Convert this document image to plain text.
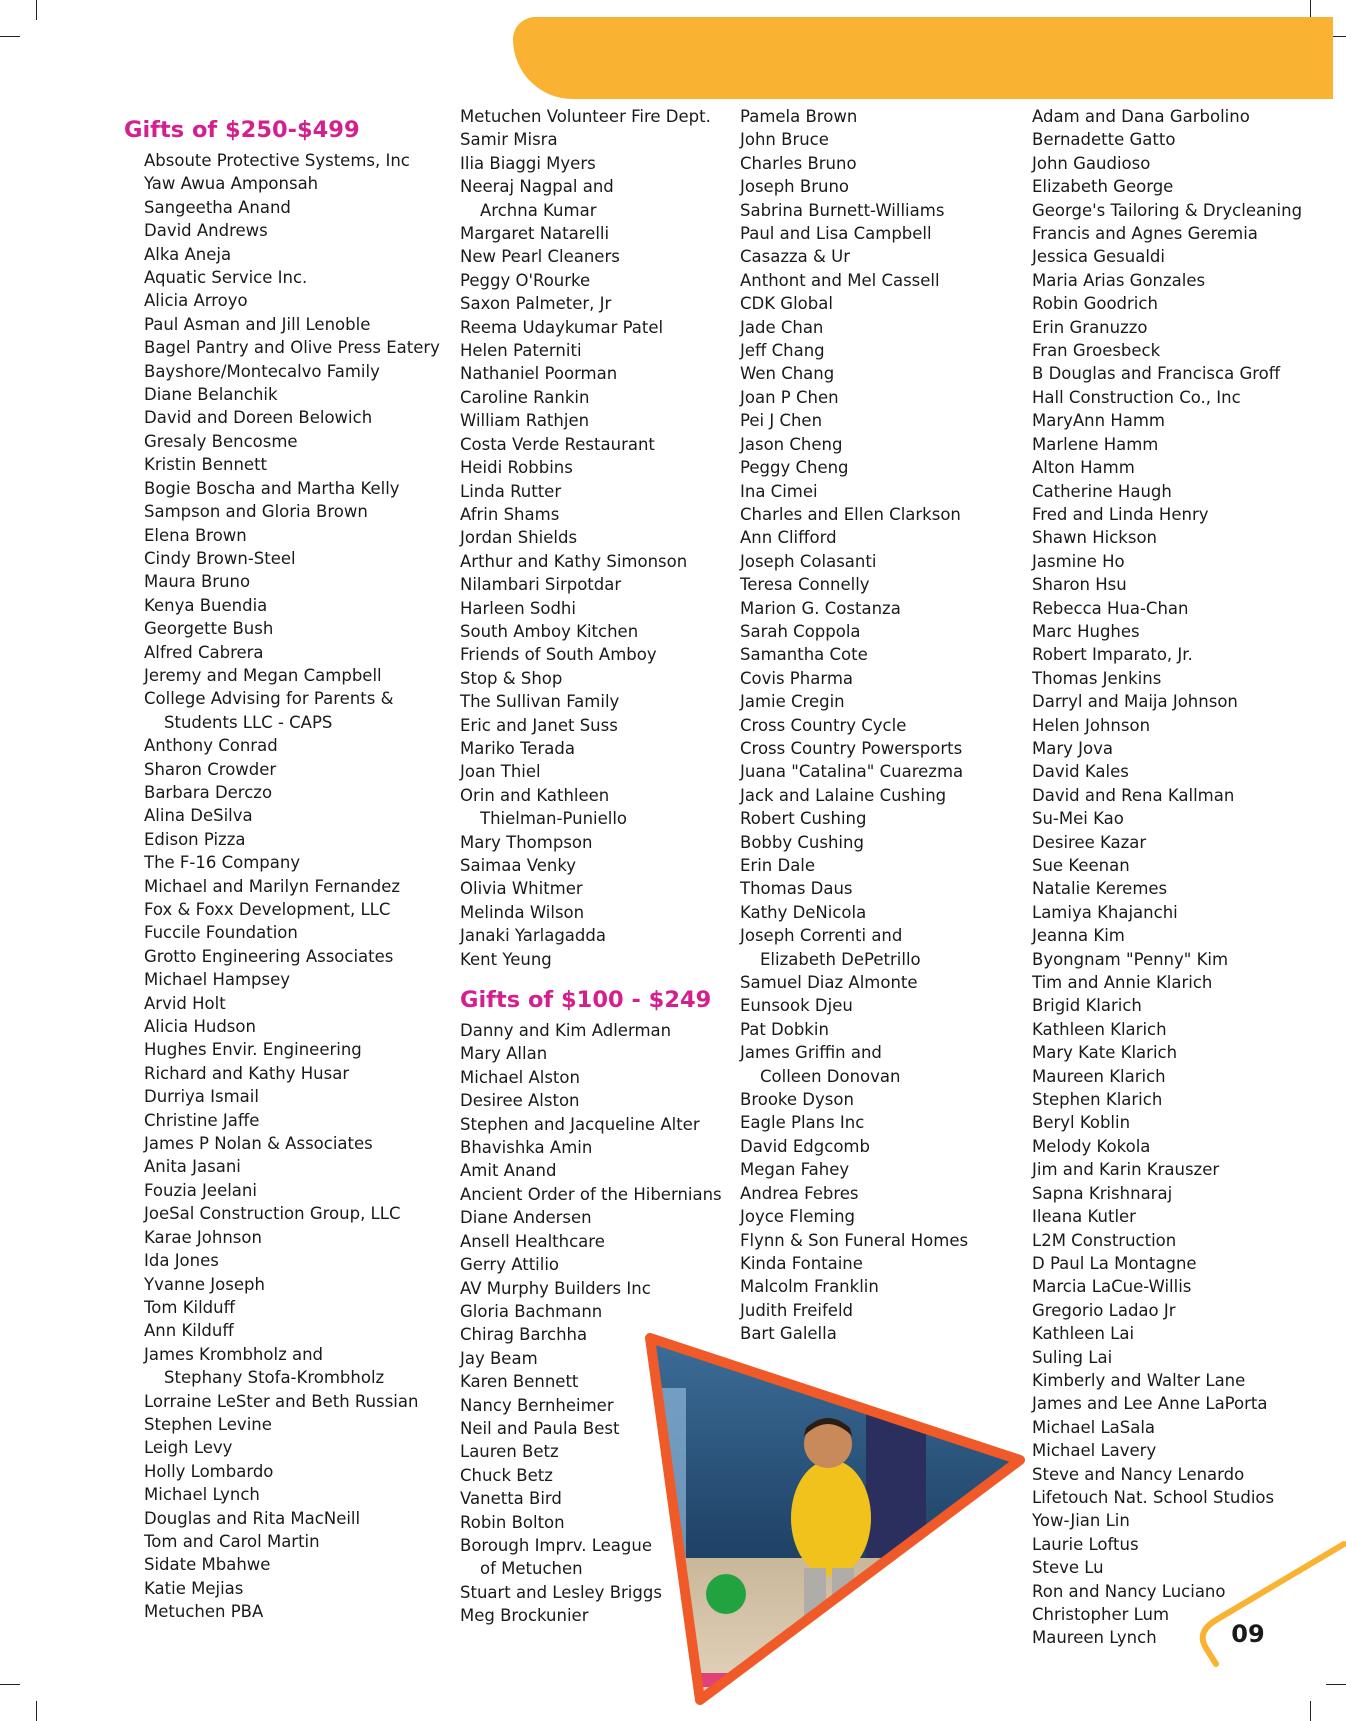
Gifts of $250-$499
Absoute Protective Systems, Inc
Yaw Awua Amponsah
Sangeetha Anand
David Andrews
Alka Aneja
Aquatic Service Inc.
Alicia Arroyo
Paul Asman and Jill Lenoble
Bagel Pantry and Olive Press Eatery
Bayshore/Montecalvo Family
Diane Belanchik
David and Doreen Belowich
Gresaly Bencosme
Kristin Bennett
Bogie Boscha and Martha Kelly
Sampson and Gloria Brown
Elena Brown
Cindy Brown-Steel
Maura Bruno
Kenya Buendia
Georgette Bush
Alfred Cabrera
Jeremy and Megan Campbell
College Advising for Parents &
Students LLC - CAPS
Anthony Conrad
Sharon Crowder
Barbara Derczo
Alina DeSilva
Edison Pizza
The F-16 Company
Michael and Marilyn Fernandez
Fox & Foxx Development, LLC
Fuccile Foundation
Grotto Engineering Associates
Michael Hampsey
Arvid Holt
Alicia Hudson
Hughes Envir. Engineering
Richard and Kathy Husar
Durriya Ismail
Christine Jaffe
James P Nolan & Associates
Anita Jasani
Fouzia Jeelani
JoeSal Construction Group, LLC
Karae Johnson
Ida Jones
Yvanne Joseph
Tom Kilduff
Ann Kilduff
James Krombholz and
Stephany Stofa-Krombholz
Lorraine LeSter and Beth Russian
Stephen Levine
Leigh Levy
Holly Lombardo
Michael Lynch
Douglas and Rita MacNeill
Tom and Carol Martin
Sidate Mbahwe
Katie Mejias
Metuchen PBA
Metuchen Volunteer Fire Dept.
Samir Misra
Ilia Biaggi Myers
Neeraj Nagpal and
Archna Kumar
Margaret Natarelli
New Pearl Cleaners
Peggy O'Rourke
Saxon Palmeter, Jr
Reema Udaykumar Patel
Helen Paterniti
Nathaniel Poorman
Caroline Rankin
William Rathjen
Costa Verde Restaurant
Heidi Robbins
Linda Rutter
Afrin Shams
Jordan Shields
Arthur and Kathy Simonson
Nilambari Sirpotdar
Harleen Sodhi
South Amboy Kitchen
Friends of South Amboy
Stop & Shop
The Sullivan Family
Eric and Janet Suss
Mariko Terada
Joan Thiel
Orin and Kathleen
Thielman-Puniello
Mary Thompson
Saimaa Venky
Olivia Whitmer
Melinda Wilson
Janaki Yarlagadda
Kent Yeung
Gifts of $100 - $249
Danny and Kim Adlerman
Mary Allan
Michael Alston
Desiree Alston
Stephen and Jacqueline Alter
Bhavishka Amin
Amit Anand
Ancient Order of the Hibernians
Diane Andersen
Ansell Healthcare
Gerry Attilio
AV Murphy Builders Inc
Gloria Bachmann
Chirag Barchha
Jay Beam
Karen Bennett
Nancy Bernheimer
Neil and Paula Best
Lauren Betz
Chuck Betz
Vanetta Bird
Robin Bolton
Borough Imprv. League
of Metuchen
Stuart and Lesley Briggs
Meg Brockunier
Pamela Brown
John Bruce
Charles Bruno
Joseph Bruno
Sabrina Burnett-Williams
Paul and Lisa Campbell
Casazza & Ur
Anthont and Mel Cassell
CDK Global
Jade Chan
Jeff Chang
Wen Chang
Joan P Chen
Pei J Chen
Jason Cheng
Peggy Cheng
Ina Cimei
Charles and Ellen Clarkson
Ann Clifford
Joseph Colasanti
Teresa Connelly
Marion G. Costanza
Sarah Coppola
Samantha Cote
Covis Pharma
Jamie Cregin
Cross Country Cycle
Cross Country Powersports
Juana "Catalina" Cuarezma
Jack and Lalaine Cushing
Robert Cushing
Bobby Cushing
Erin Dale
Thomas Daus
Kathy DeNicola
Joseph Correnti and
Elizabeth DePetrillo
Samuel Diaz Almonte
Eunsook Djeu
Pat Dobkin
James Griffin and
Colleen Donovan
Brooke Dyson
Eagle Plans Inc
David Edgcomb
Megan Fahey
Andrea Febres
Joyce Fleming
Flynn & Son Funeral Homes
Kinda Fontaine
Malcolm Franklin
Judith Freifeld
Bart Galella
Adam and Dana Garbolino
Bernadette Gatto
John Gaudioso
Elizabeth George
George's Tailoring & Drycleaning
Francis and Agnes Geremia
Jessica Gesualdi
Maria Arias Gonzales
Robin Goodrich
Erin Granuzzo
Fran Groesbeck
B Douglas and Francisca Groff
Hall Construction Co., Inc
MaryAnn Hamm
Marlene Hamm
Alton Hamm
Catherine Haugh
Fred and Linda Henry
Shawn Hickson
Jasmine Ho
Sharon Hsu
Rebecca Hua-Chan
Marc Hughes
Robert Imparato, Jr.
Thomas Jenkins
Darryl and Maija Johnson
Helen Johnson
Mary Jova
David Kales
David and Rena Kallman
Su-Mei Kao
Desiree Kazar
Sue Keenan
Natalie Keremes
Lamiya Khajanchi
Jeanna Kim
Byongnam "Penny" Kim
Tim and Annie Klarich
Brigid Klarich
Kathleen Klarich
Mary Kate Klarich
Maureen Klarich
Stephen Klarich
Beryl Koblin
Melody Kokola
Jim and Karin Krauszer
Sapna Krishnaraj
Ileana Kutler
L2M Construction
D Paul La Montagne
Marcia LaCue-Willis
Gregorio Ladao Jr
Kathleen Lai
Suling Lai
Kimberly and Walter Lane
James and Lee Anne LaPorta
Michael LaSala
Michael Lavery
Steve and Nancy Lenardo
Lifetouch Nat. School Studios
Yow-Jian Lin
Laurie Loftus
Steve Lu
Ron and Nancy Luciano
Christopher Lum
Maureen Lynch	09
